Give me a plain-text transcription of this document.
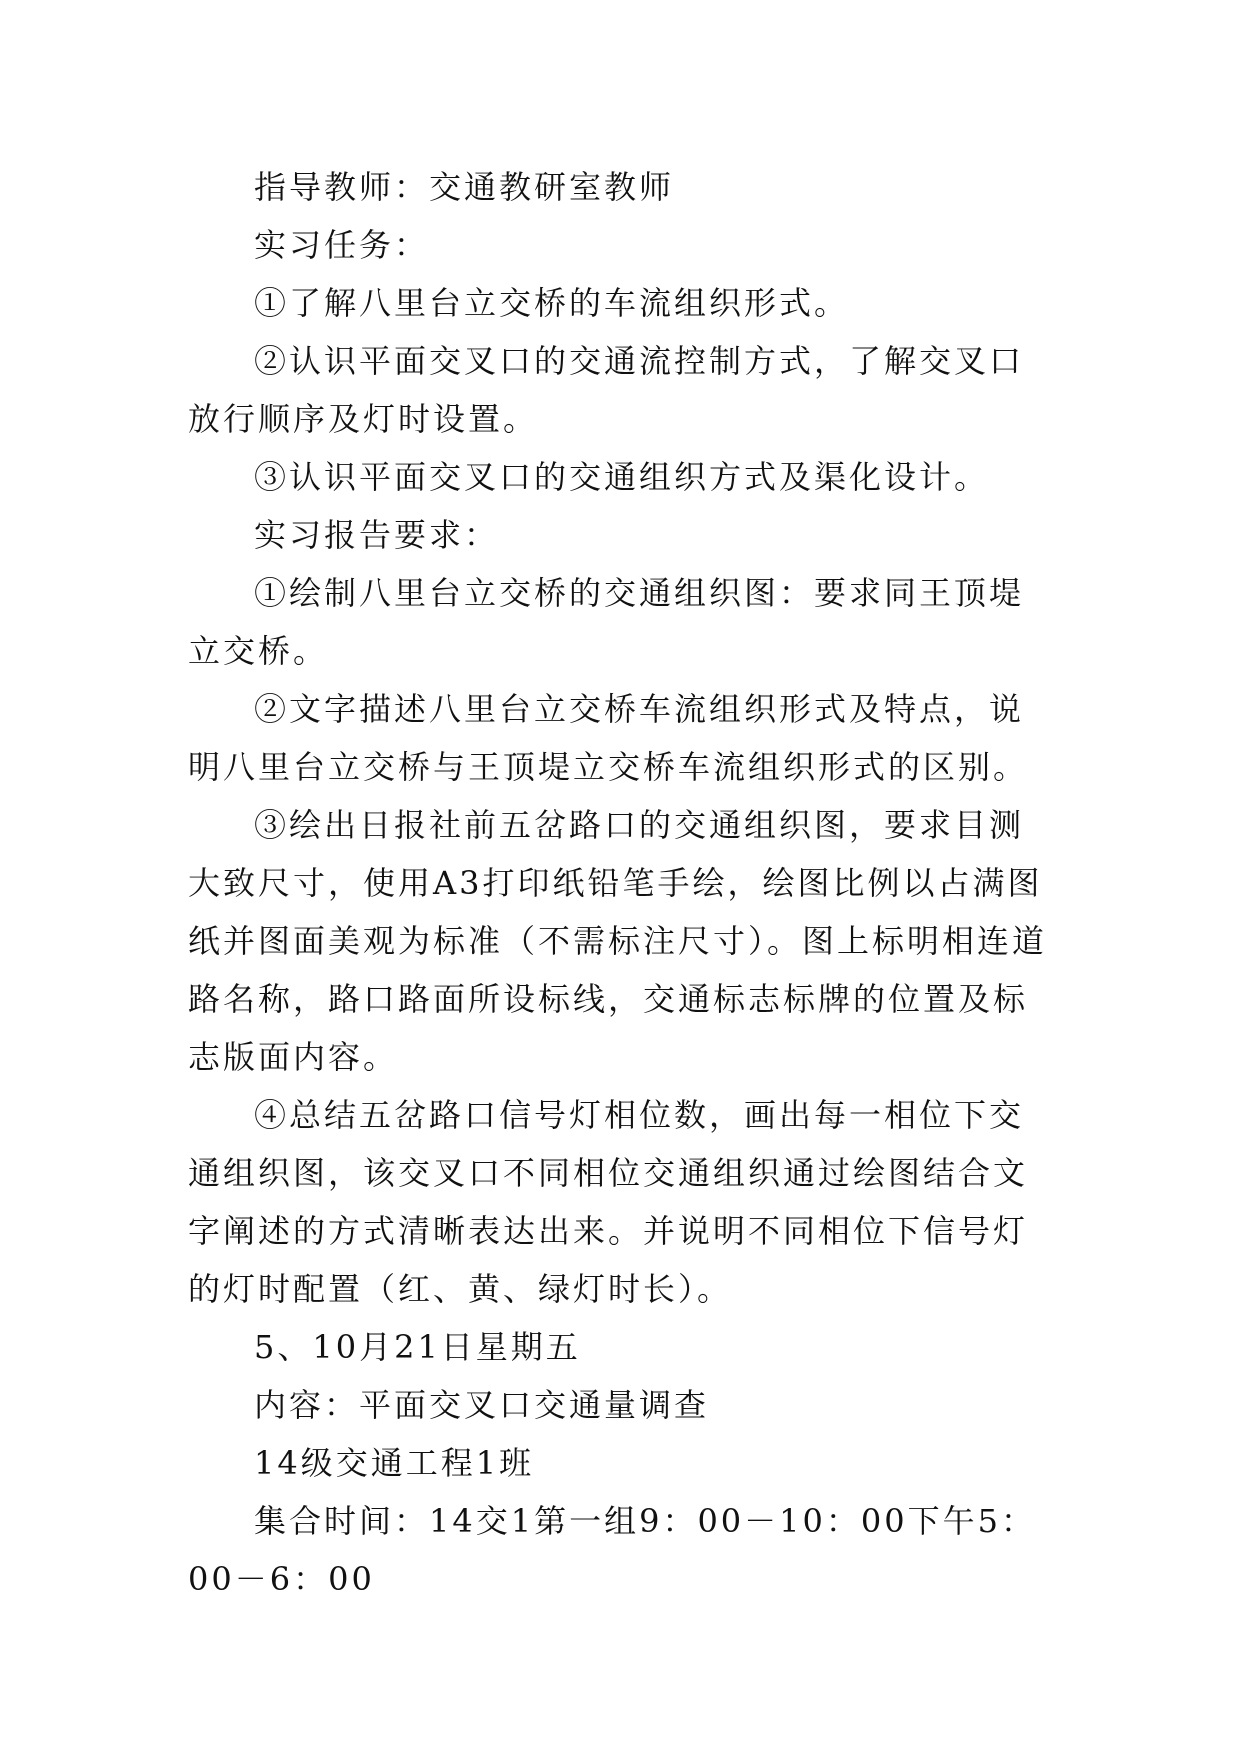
指导教师：交通教研室教师

实习任务：

①了解八里台立交桥的车流组织形式。

②认识平面交叉口的交通流控制方式，了解交叉口放行顺序及灯时设置。

③认识平面交叉口的交通组织方式及渠化设计。

实习报告要求：

①绘制八里台立交桥的交通组织图：要求同王顶堤立交桥。

②文字描述八里台立交桥车流组织形式及特点，说明八里台立交桥与王顶堤立交桥车流组织形式的区别。

③绘出日报社前五岔路口的交通组织图，要求目测大致尺寸，使用A3打印纸铅笔手绘，绘图比例以占满图纸并图面美观为标准（不需标注尺寸）。图上标明相连道路名称，路口路面所设标线，交通标志标牌的位置及标志版面内容。

④总结五岔路口信号灯相位数，画出每一相位下交通组织图，该交叉口不同相位交通组织通过绘图结合文字阐述的方式清晰表达出来。并说明不同相位下信号灯的灯时配置（红、黄、绿灯时长）。

5、10月21日星期五

内容：平面交叉口交通量调查

14级交通工程1班

集合时间：14交1第一组9：00－10：00下午5：00－6：00
